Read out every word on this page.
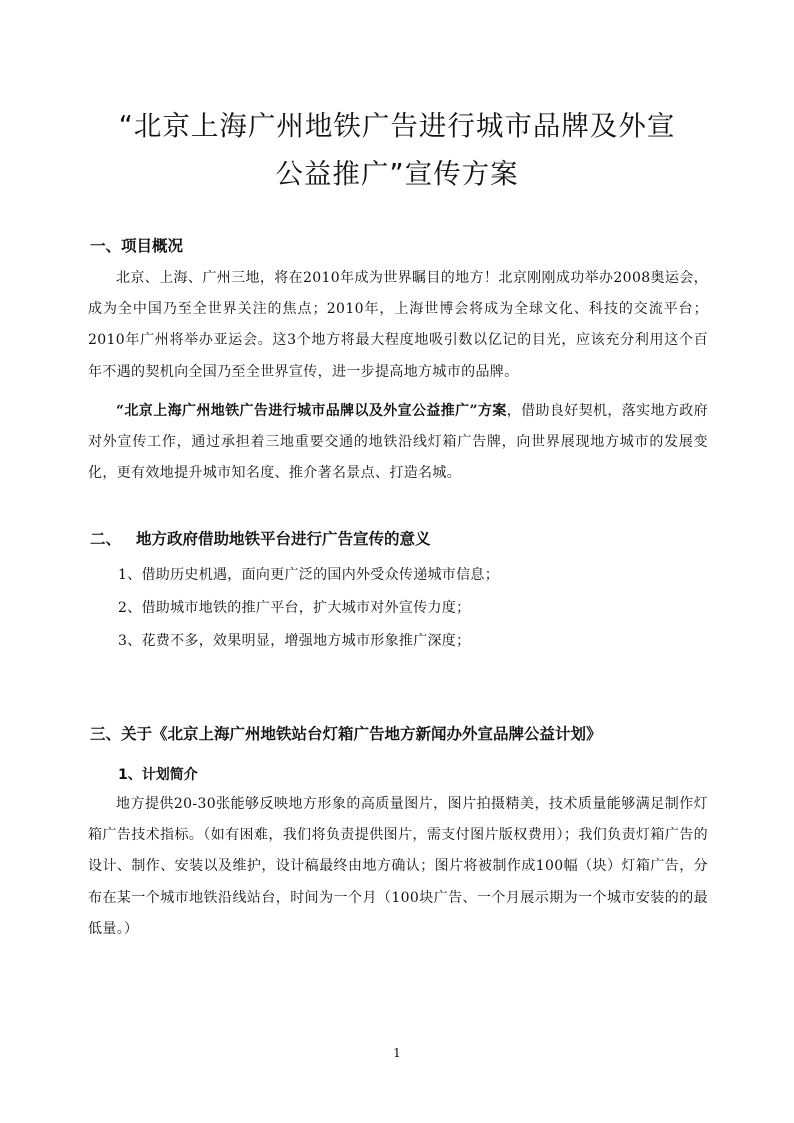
“北京上海广州地铁广告进行城市品牌及外宣
公益推广”宣传方案

一、项目概况

北京、上海、广州三地，将在2010年成为世界瞩目的地方！北京刚刚成功举办2008奥运会，成为全中国乃至全世界关注的焦点；2010年，上海世博会将成为全球文化、科技的交流平台；2010年广州将举办亚运会。这3个地方将最大程度地吸引数以亿记的目光，应该充分利用这个百年不遇的契机向全国乃至全世界宣传，进一步提高地方城市的品牌。

“北京上海广州地铁广告进行城市品牌以及外宣公益推广”方案，借助良好契机，落实地方政府对外宣传工作，通过承担着三地重要交通的地铁沿线灯箱广告牌，向世界展现地方城市的发展变化，更有效地提升城市知名度、推介著名景点、打造名城。

二、 地方政府借助地铁平台进行广告宣传的意义

1、借助历史机遇，面向更广泛的国内外受众传递城市信息；

2、借助城市地铁的推广平台，扩大城市对外宣传力度；

3、花费不多，效果明显，增强地方城市形象推广深度；

三、关于《北京上海广州地铁站台灯箱广告地方新闻办外宣品牌公益计划》

1、计划简介

地方提供20-30张能够反映地方形象的高质量图片，图片拍摄精美，技术质量能够满足制作灯箱广告技术指标。（如有困难，我们将负责提供图片，需支付图片版权费用）；我们负责灯箱广告的设计、制作、安装以及维护，设计稿最终由地方确认；图片将被制作成100幅（块）灯箱广告，分布在某一个城市地铁沿线站台，时间为一个月（100块广告、一个月展示期为一个城市安装的的最低量。）

1
